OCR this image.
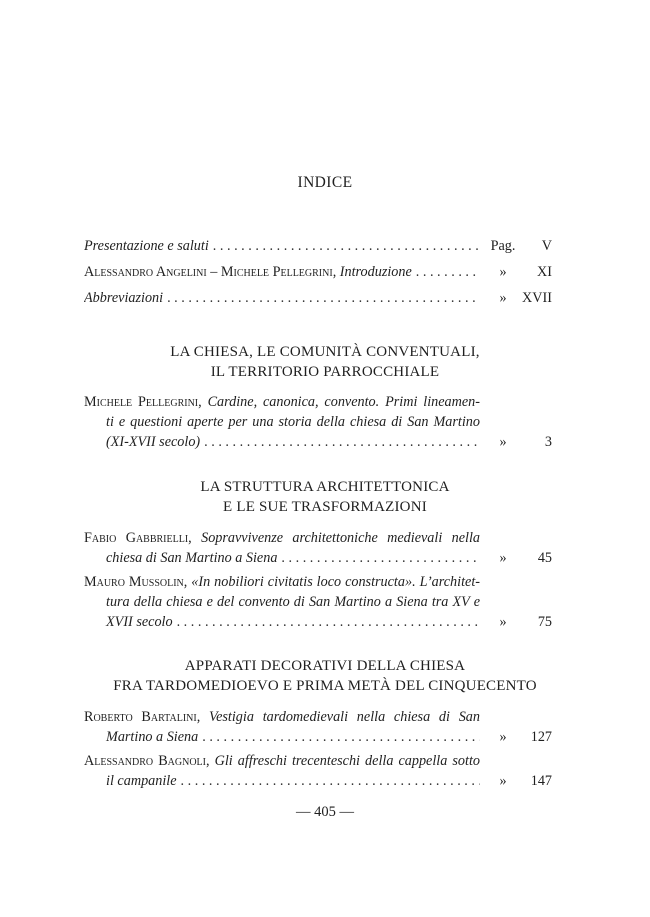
INDICE
Presentazione e saluti . . .	Pag.	V
Alessandro Angelini – Michele Pellegrini, Introduzione . . .	»	XI
Abbreviazioni . . .	»	XVII
LA CHIESA, LE COMUNITÀ CONVENTUALI,
IL TERRITORIO PARROCCHIALE
Michele Pellegrini, Cardine, canonica, convento. Primi lineamen-
ti e questioni aperte per una storia della chiesa di San Martino
(XI-XVII secolo) . . .	»	3
LA STRUTTURA ARCHITETTONICA
E LE SUE TRASFORMAZIONI
Fabio Gabbrielli, Sopravvivenze architettoniche medievali nella
chiesa di San Martino a Siena . . .	»	45
Mauro Mussolin, «In nobiliori civitatis loco constructa». L’architet-
tura della chiesa e del convento di San Martino a Siena tra XV e
XVII secolo . . .	»	75
APPARATI DECORATIVI DELLA CHIESA
FRA TARDOMEDIOEVO E PRIMA METÀ DEL CINQUECENTO
Roberto Bartalini, Vestigia tardomedievali nella chiesa di San
Martino a Siena . . .	»	127
Alessandro Bagnoli, Gli affreschi trecenteschi della cappella sotto
il campanile . . .	»	147
— 405 —
